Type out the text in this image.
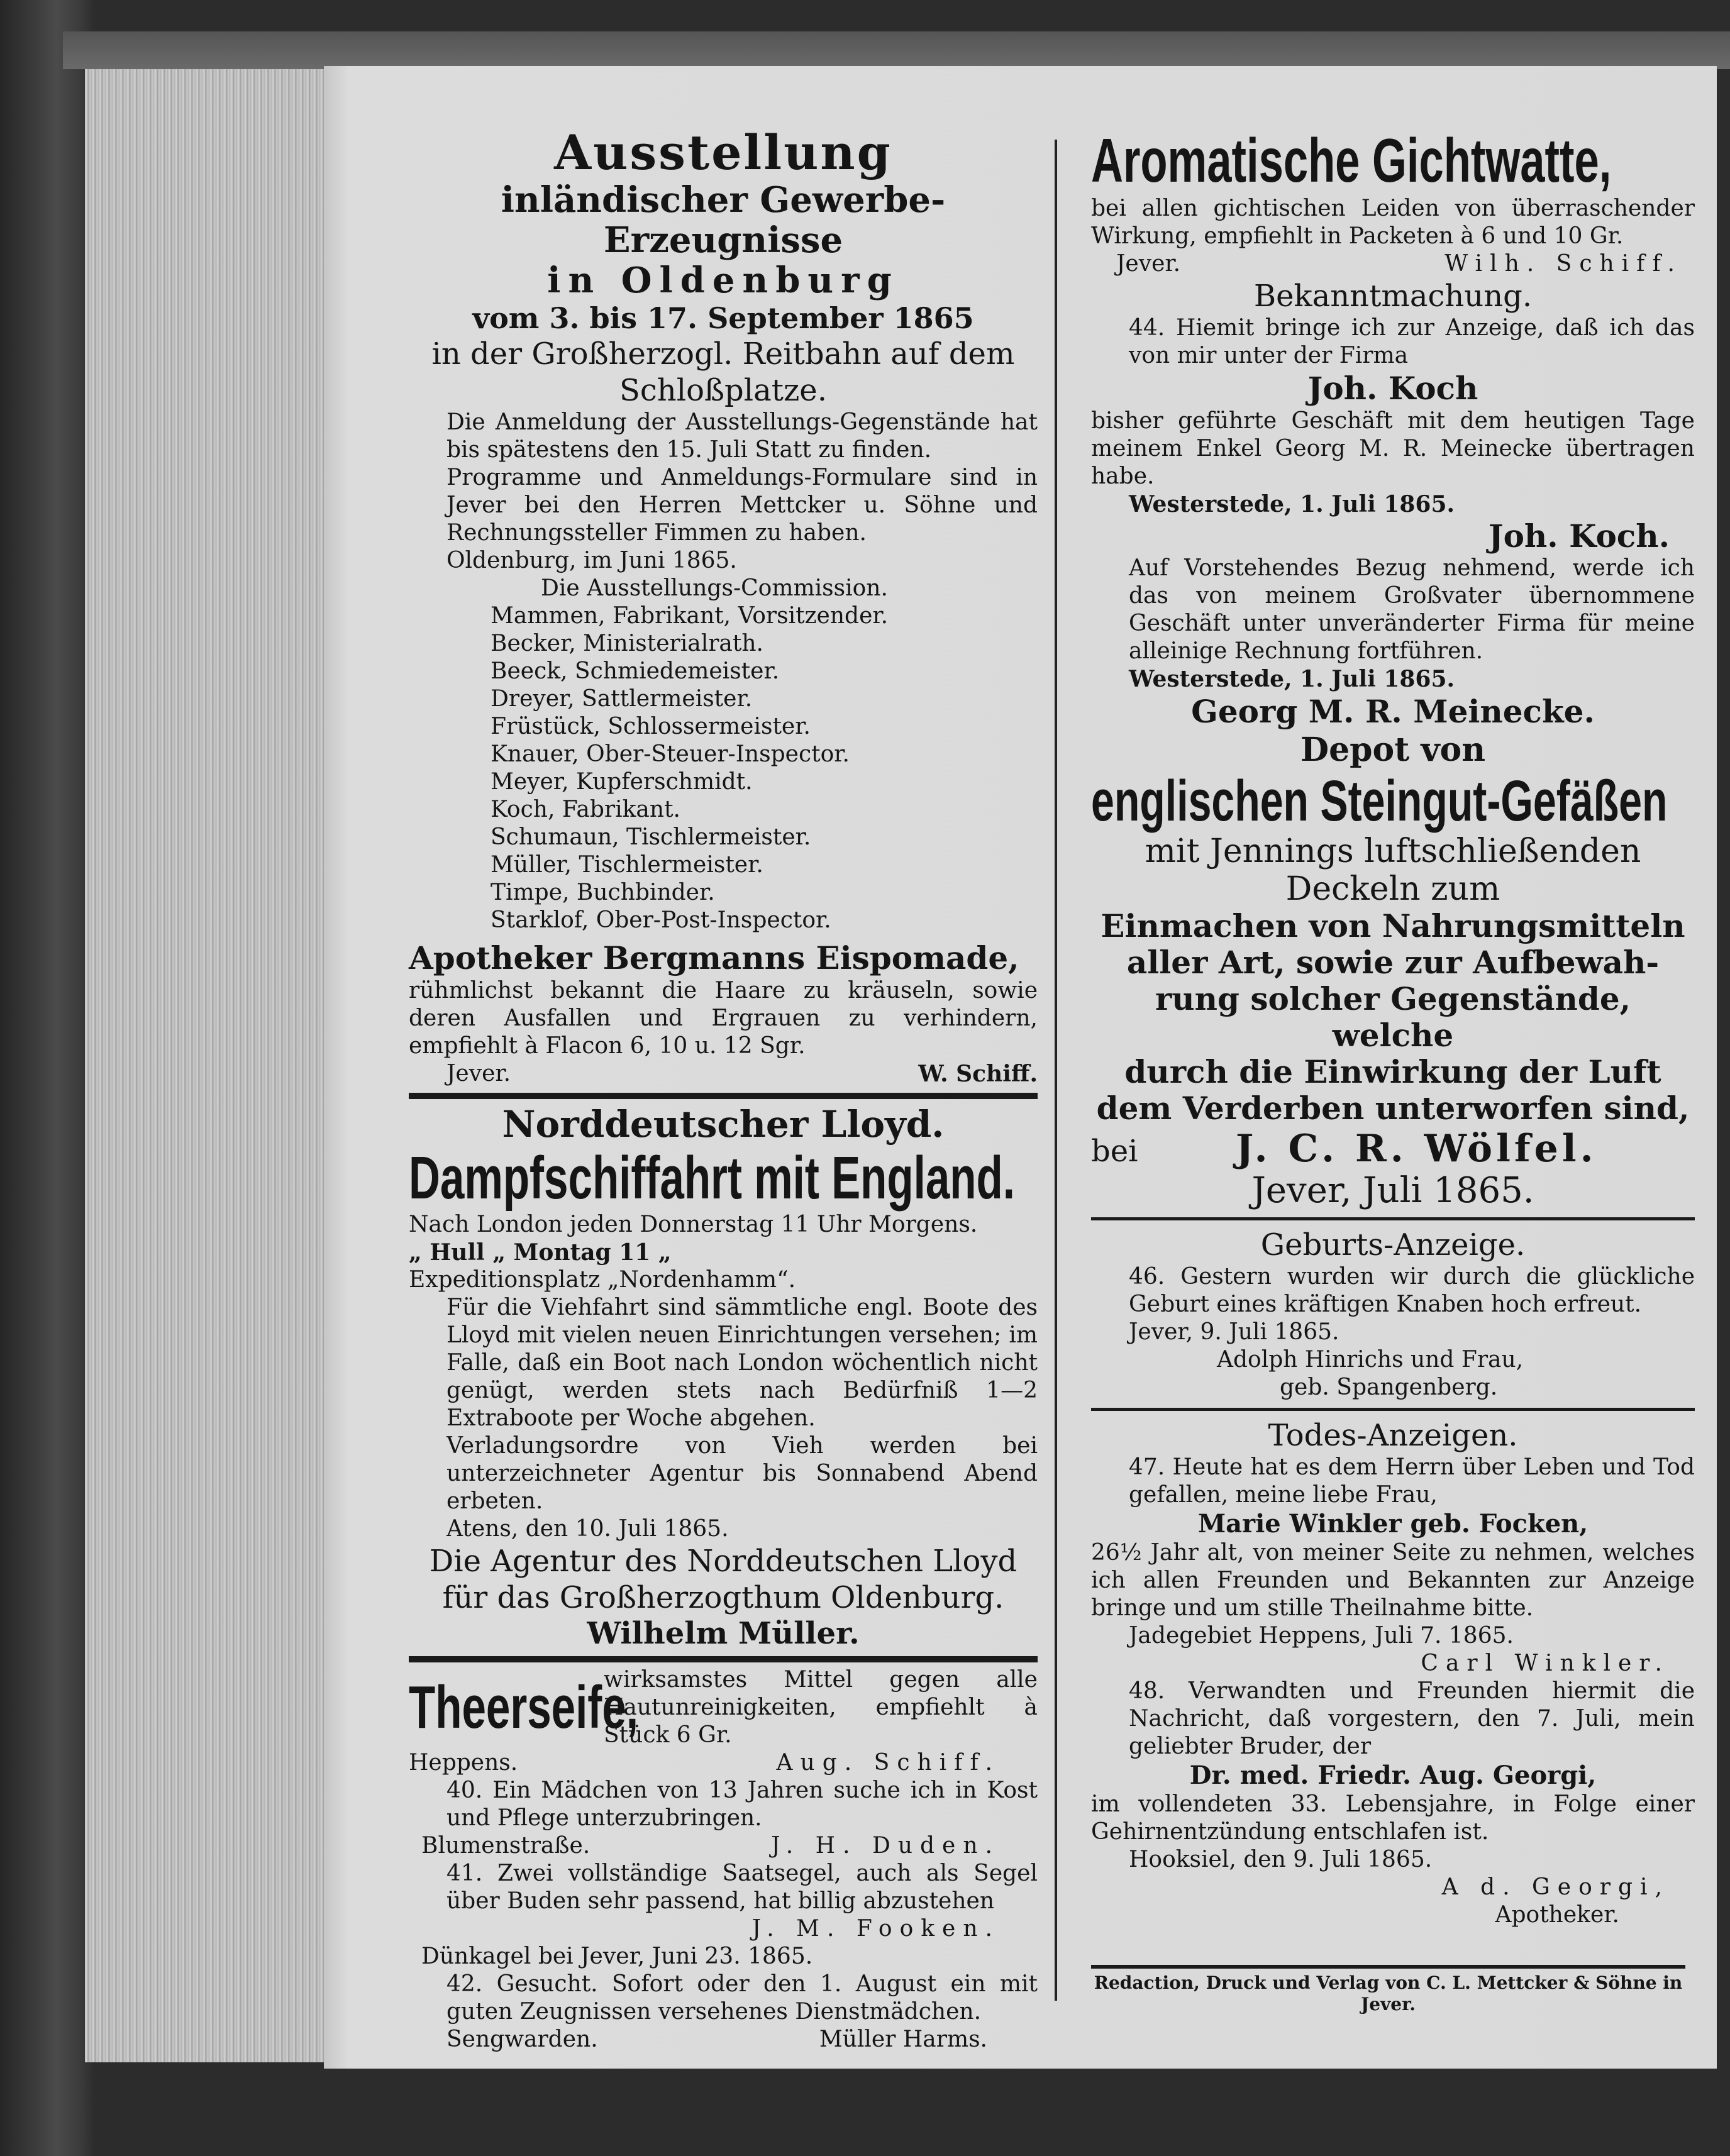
Ausstellung
inländischer Gewerbe-Erzeugnisse
in Oldenburg
vom 3. bis 17. September 1865
in der Großherzogl. Reitbahn auf dem
Schloßplatze.
Die Anmeldung der Ausstellungs-Gegenstände hat bis spätestens den 15. Juli Statt zu finden.
Programme und Anmeldungs-Formulare sind in Jever bei den Herren Mettcker u. Söhne und Rechnungssteller Fimmen zu haben.
Oldenburg, im Juni 1865.
Die Ausstellungs-Commission.
Mammen, Fabrikant, Vorsitzender.
Becker, Ministerialrath.
Beeck, Schmiedemeister.
Dreyer, Sattlermeister.
Früstück, Schlossermeister.
Knauer, Ober-Steuer-Inspector.
Meyer, Kupferschmidt.
Koch, Fabrikant.
Schumaun, Tischlermeister.
Müller, Tischlermeister.
Timpe, Buchbinder.
Starklof, Ober-Post-Inspector.
Apotheker Bergmanns Eispomade,
rühmlichst bekannt die Haare zu kräuseln, sowie deren Ausfallen und Ergrauen zu verhindern, empfiehlt à Flacon 6, 10 u. 12 Sgr.
Jever.	W. Schiff.
Norddeutscher Lloyd.
Dampfschiffahrt mit England.
Nach London jeden Donnerstag 11 Uhr Morgens.
„ Hull „ Montag 11 „
Expeditionsplatz „Nordenhamm“.
Für die Viehfahrt sind sämmtliche engl. Boote des Lloyd mit vielen neuen Einrichtungen versehen; im Falle, daß ein Boot nach London wöchentlich nicht genügt, werden stets nach Bedürfniß 1—2 Extraboote per Woche abgehen.
Verladungsordre von Vieh werden bei unterzeichneter Agentur bis Sonnabend Abend erbeten.
Atens, den 10. Juli 1865.
Die Agentur des Norddeutschen Lloyd
für das Großherzogthum Oldenburg.
Wilhelm Müller.
Theerseife,
wirksamstes Mittel gegen alle Hautunreinigkeiten, empfiehlt à Stück 6 Gr.
Heppens.	Aug. Schiff.
40. Ein Mädchen von 13 Jahren suche ich in Kost und Pflege unterzubringen.
Blumenstraße.	J. H. Duden.
41. Zwei vollständige Saatsegel, auch als Segel über Buden sehr passend, hat billig abzustehen
J. M. Fooken.
Dünkagel bei Jever, Juni 23. 1865.
42. Gesucht. Sofort oder den 1. August ein mit guten Zeugnissen versehenes Dienstmädchen.
Sengwarden.	Müller Harms.
Aromatische Gichtwatte,
bei allen gichtischen Leiden von überraschender Wirkung, empfiehlt in Packeten à 6 und 10 Gr.
Jever.	Wilh. Schiff.
Bekanntmachung.
44. Hiemit bringe ich zur Anzeige, daß ich das von mir unter der Firma
Joh. Koch
bisher geführte Geschäft mit dem heutigen Tage meinem Enkel Georg M. R. Meinecke übertragen habe.
Westerstede, 1. Juli 1865.
Joh. Koch.
Auf Vorstehendes Bezug nehmend, werde ich das von meinem Großvater übernommene Geschäft unter unveränderter Firma für meine alleinige Rechnung fortführen.
Westerstede, 1. Juli 1865.
Georg M. R. Meinecke.
Depot von
englischen Steingut-Gefäßen
mit Jennings luftschließenden
Deckeln zum
Einmachen von Nahrungsmitteln
aller Art, sowie zur Aufbewah-
rung solcher Gegenstände, welche
durch die Einwirkung der Luft
dem Verderben unterworfen sind,
bei	J. C. R. Wölfel.
Jever, Juli 1865.
Geburts-Anzeige.
46. Gestern wurden wir durch die glückliche Geburt eines kräftigen Knaben hoch erfreut.
Jever, 9. Juli 1865.
Adolph Hinrichs und Frau,
geb. Spangenberg.
Todes-Anzeigen.
47. Heute hat es dem Herrn über Leben und Tod gefallen, meine liebe Frau,
Marie Winkler geb. Focken,
26½ Jahr alt, von meiner Seite zu nehmen, welches ich allen Freunden und Bekannten zur Anzeige bringe und um stille Theilnahme bitte.
Jadegebiet Heppens, Juli 7. 1865.
Carl Winkler.
48. Verwandten und Freunden hiermit die Nachricht, daß vorgestern, den 7. Juli, mein geliebter Bruder, der
Dr. med. Friedr. Aug. Georgi,
im vollendeten 33. Lebensjahre, in Folge einer Gehirnentzündung entschlafen ist.
Hooksiel, den 9. Juli 1865.
A d. Georgi,
Apotheker.
Redaction, Druck und Verlag von C. L. Mettcker & Söhne in Jever.
